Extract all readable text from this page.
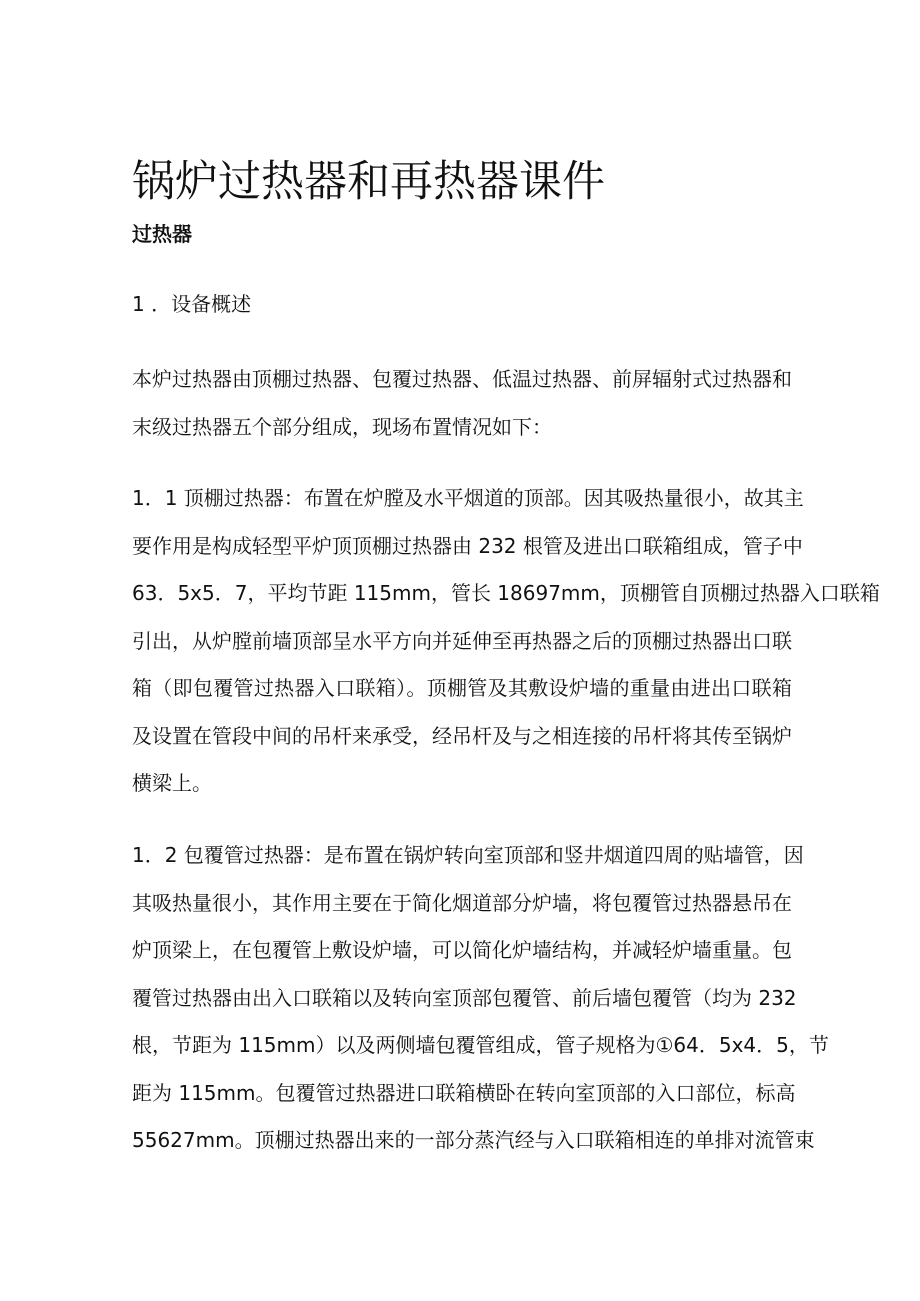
锅炉过热器和再热器课件
过热器
1 ．设备概述
本炉过热器由顶棚过热器、包覆过热器、低温过热器、前屏辐射式过热器和
末级过热器五个部分组成，现场布置情况如下：
1．1 顶棚过热器：布置在炉膛及水平烟道的顶部。因其吸热量很小，故其主
要作用是构成轻型平炉顶顶棚过热器由 232 根管及进出口联箱组成，管子中
63．5x5．7，平均节距 115mm，管长 18697mm，顶棚管自顶棚过热器入口联箱
引出，从炉膛前墙顶部呈水平方向并延伸至再热器之后的顶棚过热器出口联
箱（即包覆管过热器入口联箱）。顶棚管及其敷设炉墙的重量由进出口联箱
及设置在管段中间的吊杆来承受，经吊杆及与之相连接的吊杆将其传至锅炉
横梁上。
1．2 包覆管过热器：是布置在锅炉转向室顶部和竖井烟道四周的贴墙管，因
其吸热量很小，其作用主要在于简化烟道部分炉墙，将包覆管过热器悬吊在
炉顶梁上，在包覆管上敷设炉墙，可以简化炉墙结构，并减轻炉墙重量。包
覆管过热器由出入口联箱以及转向室顶部包覆管、前后墙包覆管（均为 232
根，节距为 115mm）以及两侧墙包覆管组成，管子规格为①64．5x4．5，节
距为 115mm。包覆管过热器进口联箱横卧在转向室顶部的入口部位，标高
55627mm。顶棚过热器出来的一部分蒸汽经与入口联箱相连的单排对流管束
